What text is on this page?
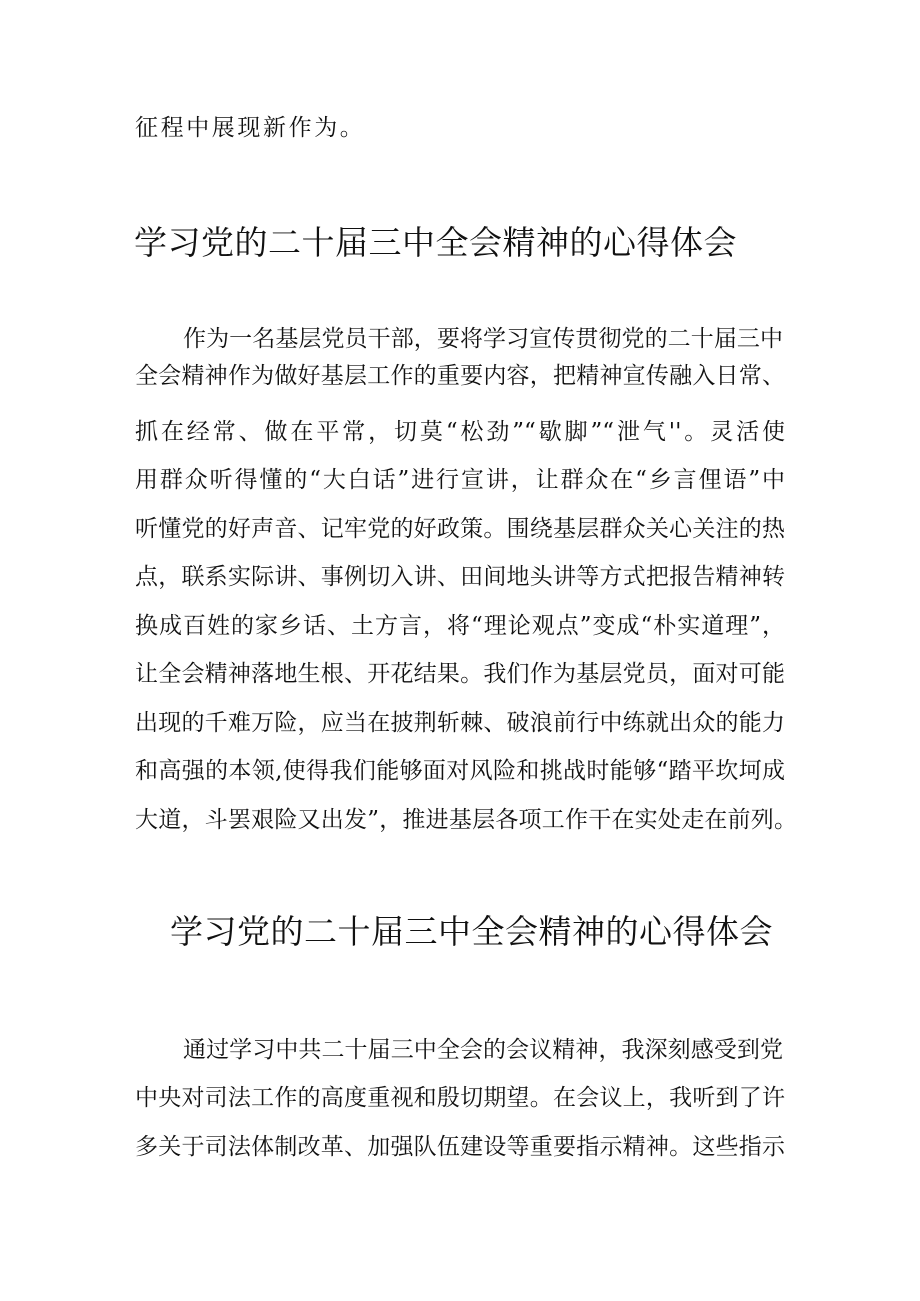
征程中展现新作为。
学习党的二十届三中全会精神的心得体会
作为一名基层党员干部，要将学习宣传贯彻党的二十届三中
全会精神作为做好基层工作的重要内容，把精神宣传融入日常、
抓在经常、做在平常，切莫“松劲”“歇脚”“泄气''。灵活使
用群众听得懂的“大白话”进行宣讲，让群众在“乡言俚语”中
听懂党的好声音、记牢党的好政策。围绕基层群众关心关注的热
点，联系实际讲、事例切入讲、田间地头讲等方式把报告精神转
换成百姓的家乡话、土方言，将“理论观点”变成“朴实道理”，
让全会精神落地生根、开花结果。我们作为基层党员，面对可能
出现的千难万险，应当在披荆斩棘、破浪前行中练就出众的能力
和高强的本领,使得我们能够面对风险和挑战时能够“踏平坎坷成
大道，斗罢艰险又出发”，推进基层各项工作干在实处走在前列。
学习党的二十届三中全会精神的心得体会
通过学习中共二十届三中全会的会议精神，我深刻感受到党
中央对司法工作的高度重视和殷切期望。在会议上，我听到了许
多关于司法体制改革、加强队伍建设等重要指示精神。这些指示
